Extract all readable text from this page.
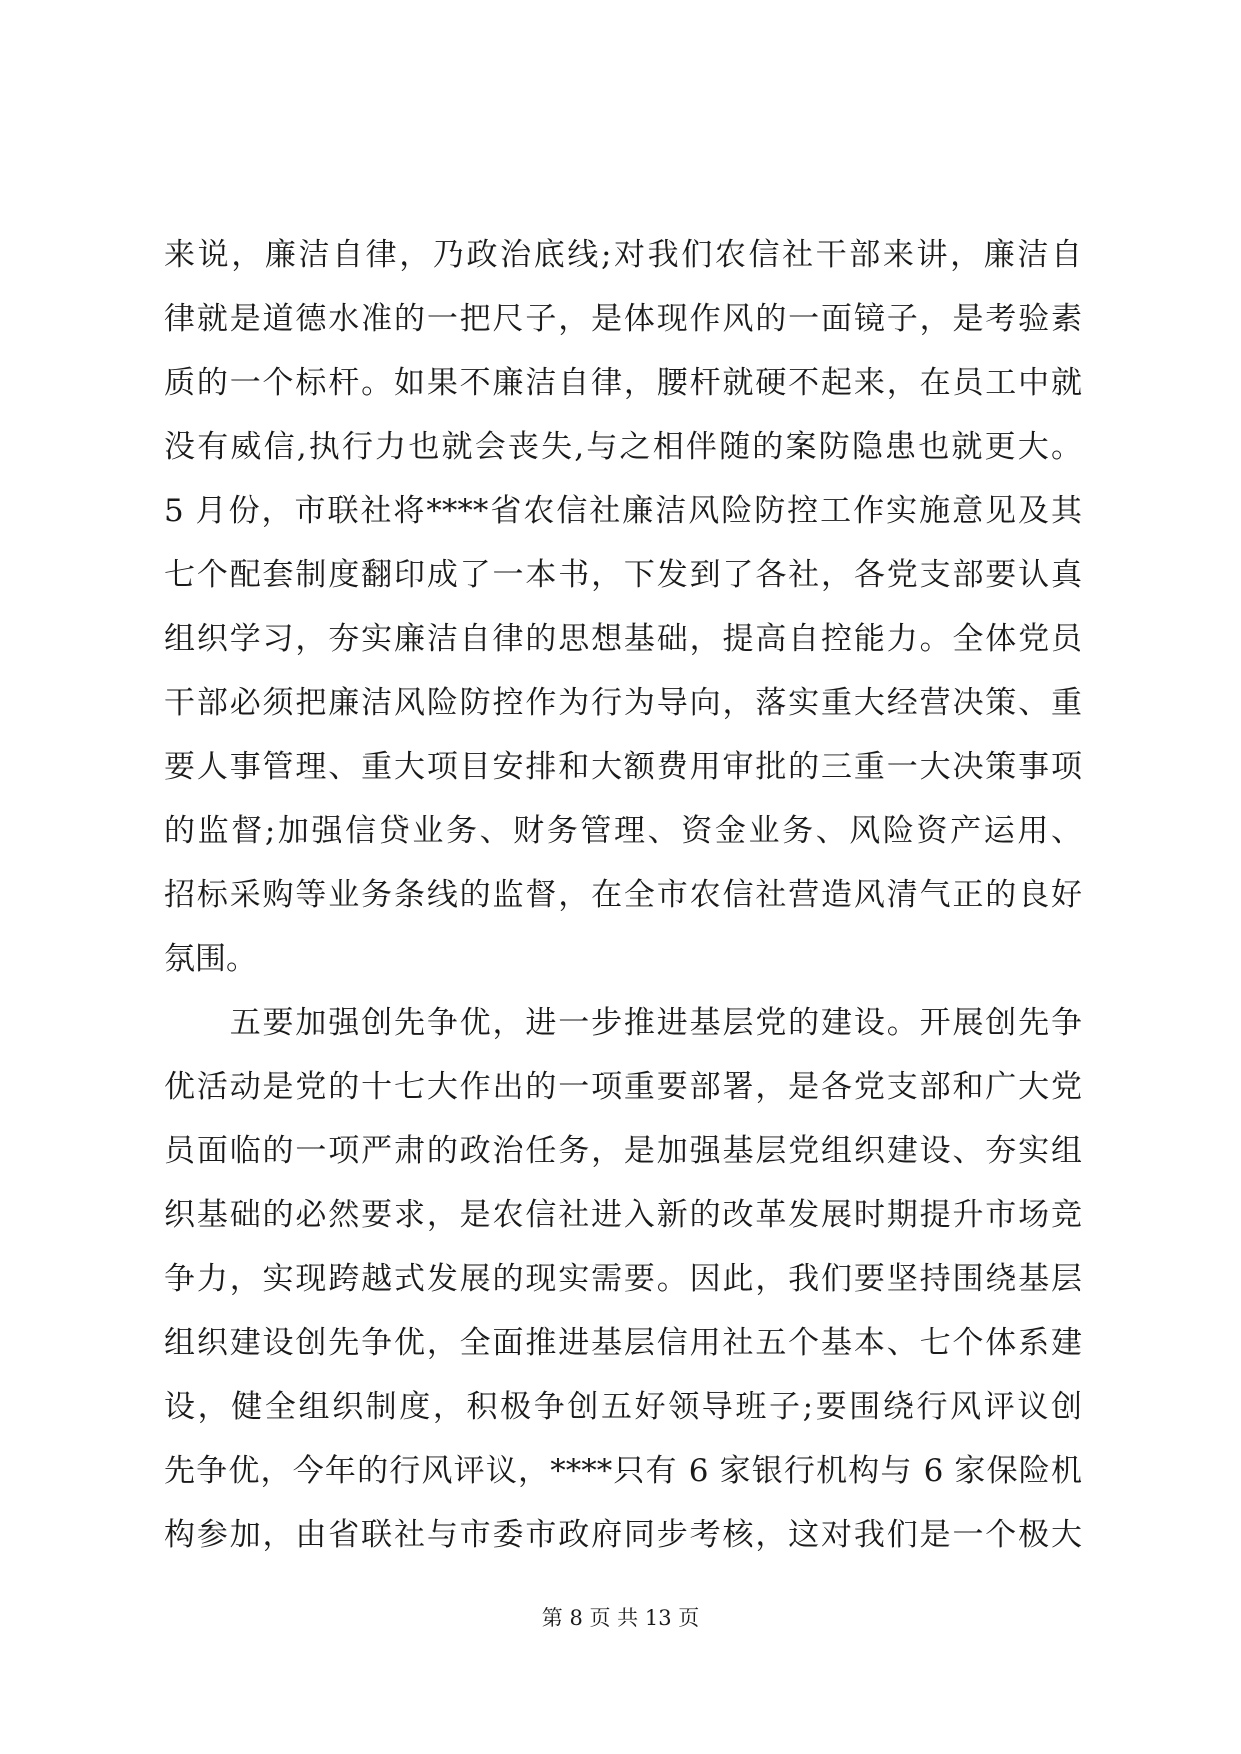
来说，廉洁自律，乃政治底线;对我们农信社干部来讲，廉洁自
律就是道德水准的一把尺子，是体现作风的一面镜子，是考验素
质的一个标杆。如果不廉洁自律，腰杆就硬不起来，在员工中就
没有威信,执行力也就会丧失,与之相伴随的案防隐患也就更大。
5 月份，市联社将****省农信社廉洁风险防控工作实施意见及其
七个配套制度翻印成了一本书，下发到了各社，各党支部要认真
组织学习，夯实廉洁自律的思想基础，提高自控能力。全体党员
干部必须把廉洁风险防控作为行为导向，落实重大经营决策、重
要人事管理、重大项目安排和大额费用审批的三重一大决策事项
的监督;加强信贷业务、财务管理、资金业务、风险资产运用、
招标采购等业务条线的监督，在全市农信社营造风清气正的良好
氛围。
　　五要加强创先争优，进一步推进基层党的建设。开展创先争
优活动是党的十七大作出的一项重要部署，是各党支部和广大党
员面临的一项严肃的政治任务，是加强基层党组织建设、夯实组
织基础的必然要求，是农信社进入新的改革发展时期提升市场竞
争力，实现跨越式发展的现实需要。因此，我们要坚持围绕基层
组织建设创先争优，全面推进基层信用社五个基本、七个体系建
设，健全组织制度，积极争创五好领导班子;要围绕行风评议创
先争优，今年的行风评议，****只有 6 家银行机构与 6 家保险机
构参加，由省联社与市委市政府同步考核，这对我们是一个极大
第 8 页 共 13 页
